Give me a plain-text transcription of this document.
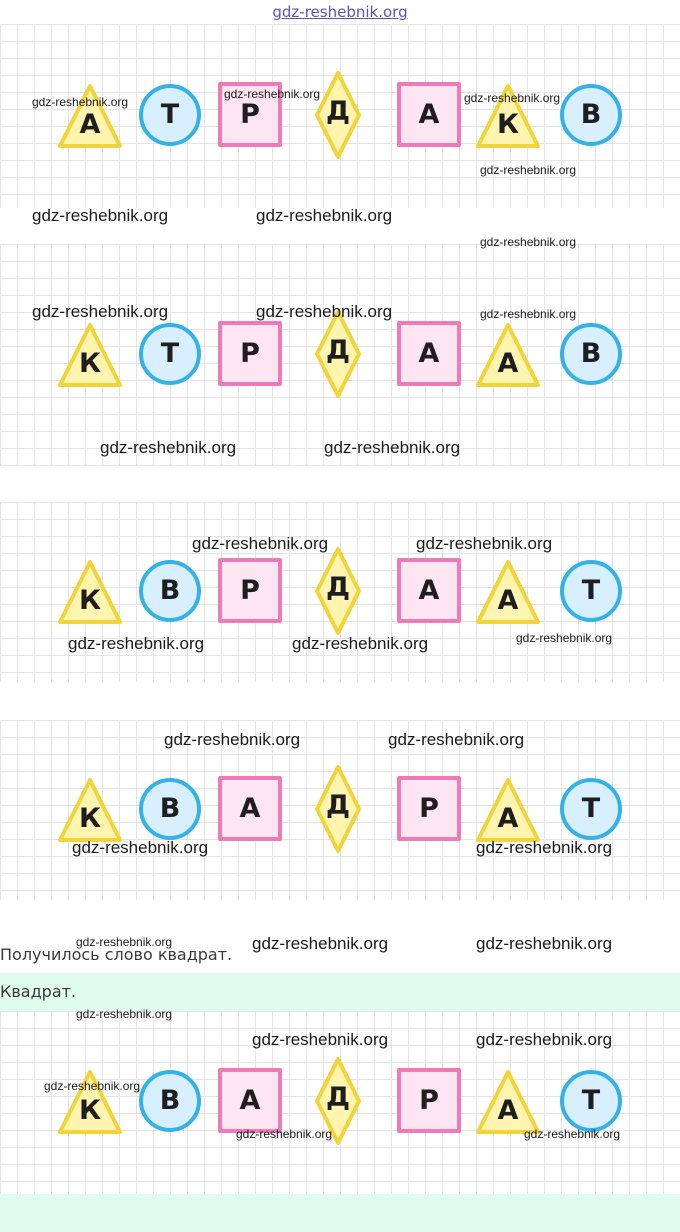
gdz-reshebnik.org
А	Т	Р	Д	А	К	В
К	Т	Р	Д	А	А	В
К	В	Р	Д	А	А	Т
К	В	А	Д	Р	А	Т
К	В	А	Д	Р	А	Т
Получилось слово квадрат.
Квадрат.
gdz-reshebnik.org
gdz-reshebnik.org	gdz-reshebnik.org
gdz-reshebnik.org
gdz-reshebnik.org	gdz-reshebnik.org
gdz-reshebnik.org
gdz-reshebnik.org	gdz-reshebnik.org	gdz-reshebnik.org
gdz-reshebnik.org	gdz-reshebnik.org
gdz-reshebnik.org	gdz-reshebnik.org
gdz-reshebnik.org	gdz-reshebnik.org	gdz-reshebnik.org
gdz-reshebnik.org	gdz-reshebnik.org
gdz-reshebnik.org	gdz-reshebnik.org
gdz-reshebnik.org	gdz-reshebnik.org	gdz-reshebnik.org
gdz-reshebnik.org
gdz-reshebnik.org	gdz-reshebnik.org
gdz-reshebnik.org
gdz-reshebnik.org	gdz-reshebnik.org
